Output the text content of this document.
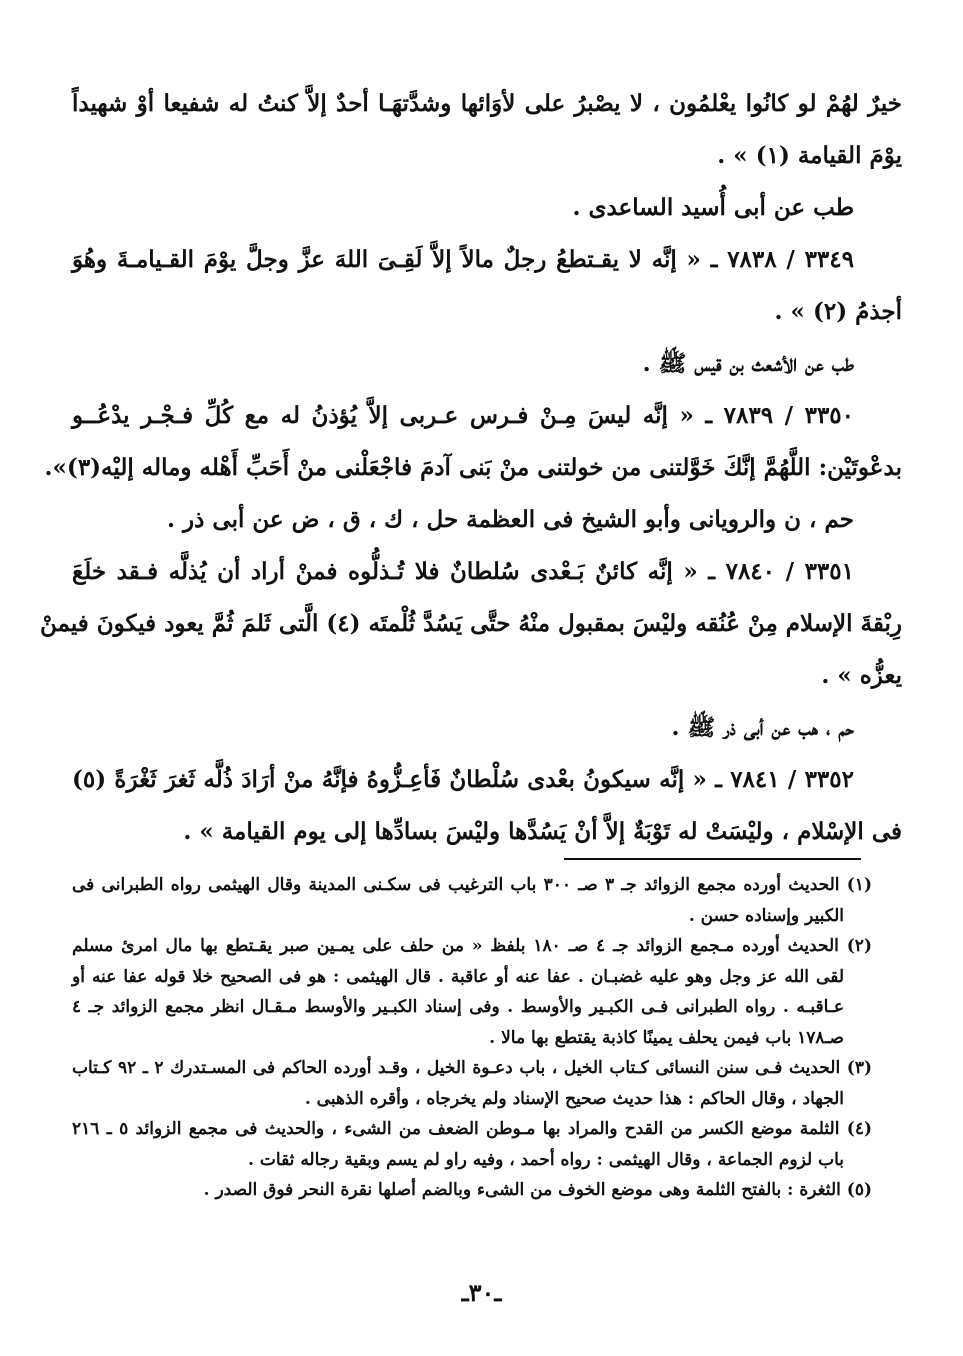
خيرٌ لهُمْ لو كانُوا يعْلمُون ، لا يصْبرُ على لأوَائها وشدَّتهَـا أحدٌ إلاَّ كنتُ له شفيعا أوْ شهيداً
يوْمَ القيامة (١) » .
طب عن أبى أُسيد الساعدى .
٣٣٤٩ / ٧٨٣٨ ـ « إنَّه لا يقـتطعُ رجلٌ مالاً إلاَّ لَقِـىَ اللهَ عزَّ وجلَّ يوْمَ القـيامـةَ وهُوَ
أجذمُ (٢) » .
طب عن الأشعث بن قيس ﷺ .
٣٣٥٠ / ٧٨٣٩ ـ « إنَّه ليسَ مِـنْ فـرس عـربى إلاَّ يُؤذنُ له مع كُلِّ فـجْـر يدْعُــو
بدعْوتَيْن: اللَّهُمَّ إنَّكَ خَوَّلتنى من خولتنى منْ بَنى آدمَ فاجْعَلْنى منْ أَحَبِّ أَهْله وماله إليْه(٣)».
حم ، ن والرويانى وأبو الشيخ فى العظمة حل ، ك ، ق ، ض عن أبى ذر .
٣٣٥١ / ٧٨٤٠ ـ « إنَّه كائنٌ بَـعْدى سُلطانٌ فلا تُـذلُّوه فمنْ أراد أن يُذلَّه فـقد خلَعَ
رِبْقةَ الإسلام مِنْ عُنُقه وليْسَ بمقبول منْهُ حتَّى يَسُدَّ ثُلْمتَه (٤) الَّتى ثَلمَ ثُمَّ يعود فيكونَ فيمنْ
يعزُّه » .
حم ، هب عن أبى ذر ﷺ .
٣٣٥٢ / ٧٨٤١ ـ « إنَّه سيكونُ بعْدى سُلْطانٌ فَأعِـزُّوهُ فإنَّهُ منْ أرَادَ ذُلَّه ثَغرَ ثَغْرَةً (٥)
فى الإسْلام ، وليْسَتْ له تَوْبَةٌ إلاَّ أنْ يَسُدَّها وليْسَ بسادِّها إلى يوم القيامة » .
(١) الحديث أورده مجمع الزوائد جـ ٣ صـ ٣٠٠ باب الترغيب فى سكـنى المدينة وقال الهيثمى رواه الطبرانى فى
الكبير وإسناده حسن .
(٢) الحديث أورده مـجمع الزوائد جـ ٤ صـ ١٨٠ بلفظ « من حلف على يمـين صبر يقـتطع بها مال امرئ مسلم
لقى الله عز وجل وهو عليه غضبـان . عفا عنه أو عاقبة . قال الهيثمى : هو فى الصحيح خلا قوله عفا عنه أو
عـاقبـه . رواه الطبرانى فـى الكبـير والأوسط . وفى إسناد الكبـير والأوسط مـقـال انظر مجمع الزوائد جـ ٤
صـ١٧٨ باب فيمن يحلف يمينًا كاذبة يقتطع بها مالا .
(٣) الحديث فـى سنن النسائى كـتاب الخيل ، باب دعـوة الخيل ، وقـد أورده الحاكم فى المسـتدرك ٢ ـ ٩٢ كـتاب
الجهاد ، وقال الحاكم : هذا حديث صحيح الإسناد ولم يخرجاه ، وأقره الذهبى .
(٤) الثلمة موضع الكسر من القدح والمراد بها مـوطن الضعف من الشىء ، والحديث فى مجمع الزوائد ٥ ـ ٢١٦
باب لزوم الجماعة ، وقال الهيثمى : رواه أحمد ، وفيه راو لم يسم وبقية رجاله ثقات .
(٥) الثغرة : بالفتح الثلمة وهى موضع الخوف من الشىء وبالضم أصلها نقرة النحر فوق الصدر .
ـ٣٠ـ
